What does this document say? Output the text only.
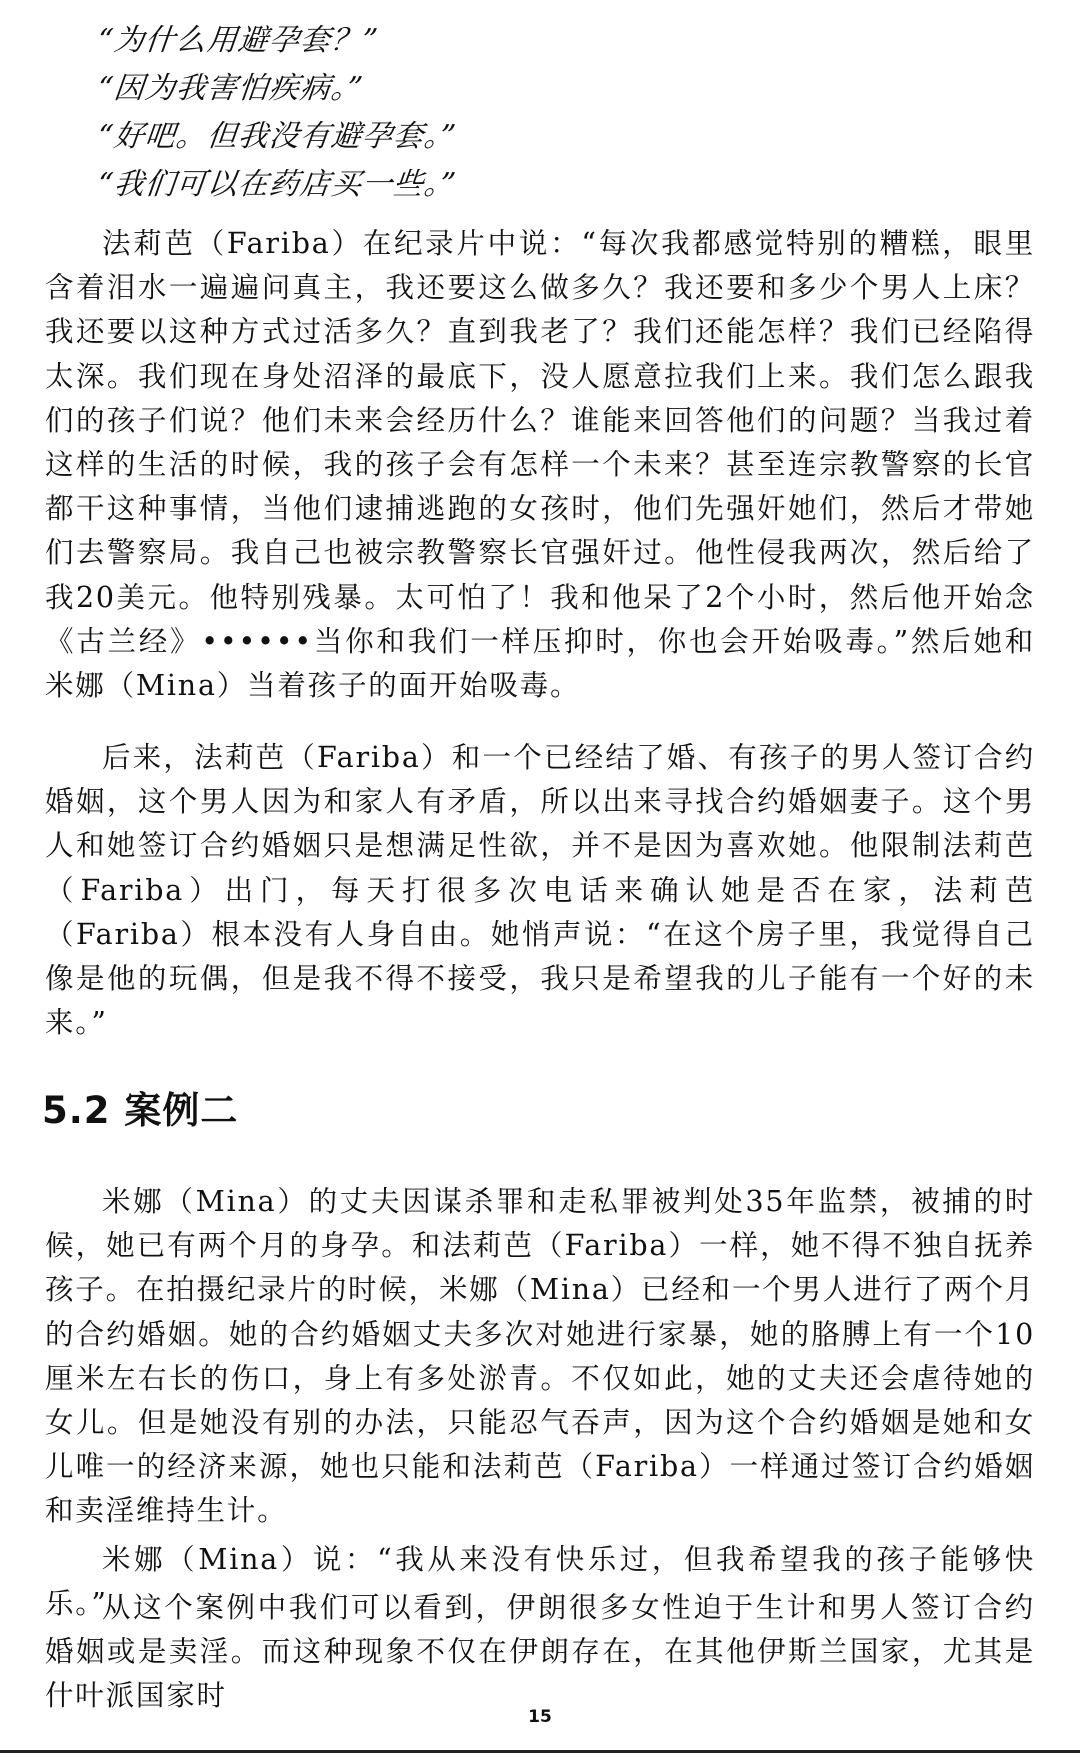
“为什么用避孕套？”
“因为我害怕疾病。”
“好吧。但我没有避孕套。”
“我们可以在药店买一些。”

法莉芭（Fariba）在纪录片中说：“每次我都感觉特别的糟糕，眼里含着泪水一遍遍问真主，我还要这么做多久？我还要和多少个男人上床？我还要以这种方式过活多久？直到我老了？我们还能怎样？我们已经陷得太深。我们现在身处沼泽的最底下，没人愿意拉我们上来。我们怎么跟我们的孩子们说？他们未来会经历什么？谁能来回答他们的问题？当我过着这样的生活的时候，我的孩子会有怎样一个未来？甚至连宗教警察的长官都干这种事情，当他们逮捕逃跑的女孩时，他们先强奸她们，然后才带她们去警察局。我自己也被宗教警察长官强奸过。他性侵我两次，然后给了我20美元。他特别残暴。太可怕了！我和他呆了2个小时，然后他开始念《古兰经》••••••当你和我们一样压抑时，你也会开始吸毒。”然后她和米娜（Mina）当着孩子的面开始吸毒。

后来，法莉芭（Fariba）和一个已经结了婚、有孩子的男人签订合约婚姻，这个男人因为和家人有矛盾，所以出来寻找合约婚姻妻子。这个男人和她签订合约婚姻只是想满足性欲，并不是因为喜欢她。他限制法莉芭（Fariba）出门，每天打很多次电话来确认她是否在家，法莉芭（Fariba）根本没有人身自由。她悄声说：“在这个房子里，我觉得自己像是他的玩偶，但是我不得不接受，我只是希望我的儿子能有一个好的未来。”

5.2 案例二

米娜（Mina）的丈夫因谋杀罪和走私罪被判处35年监禁，被捕的时候，她已有两个月的身孕。和法莉芭（Fariba）一样，她不得不独自抚养孩子。在拍摄纪录片的时候，米娜（Mina）已经和一个男人进行了两个月的合约婚姻。她的合约婚姻丈夫多次对她进行家暴，她的胳膊上有一个10厘米左右长的伤口，身上有多处淤青。不仅如此，她的丈夫还会虐待她的女儿。但是她没有别的办法，只能忍气吞声，因为这个合约婚姻是她和女儿唯一的经济来源，她也只能和法莉芭（Fariba）一样通过签订合约婚姻和卖淫维持生计。

米娜（Mina）说：“我从来没有快乐过，但我希望我的孩子能够快乐。”

从这个案例中我们可以看到，伊朗很多女性迫于生计和男人签订合约婚姻或是卖淫。而这种现象不仅在伊朗存在，在其他伊斯兰国家，尤其是什叶派国家时

15
